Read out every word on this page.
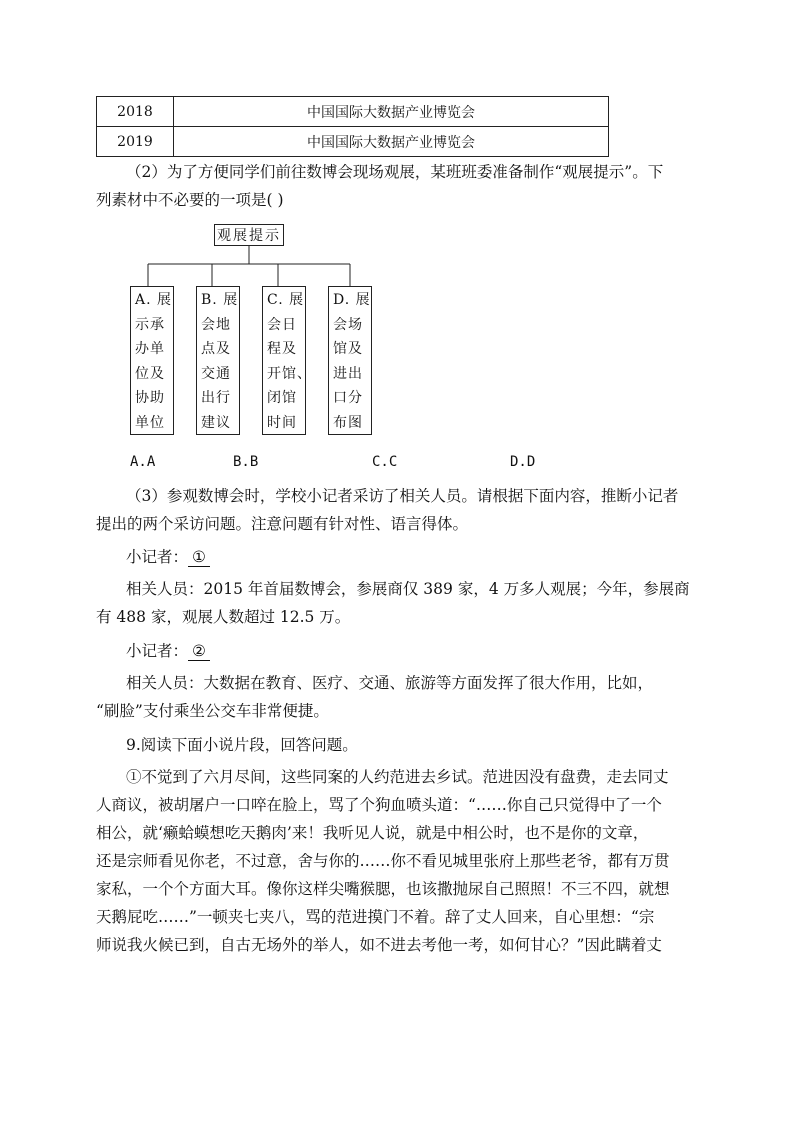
2018	中国国际大数据产业博览会
2019	中国国际大数据产业博览会
（2）为了方便同学们前往数博会现场观展，某班班委准备制作“观展提示”。下
列素材中不必要的一项是( )
观展提示
A. 展
示承
办单
位及
协助
单位
B. 展
会地
点及
交通
出行
建议
C. 展
会日
程及
开馆、
闭馆
时间
D. 展
会场
馆及
进出
口分
布图
A.A	B.B	C.C	D.D
（3）参观数博会时，学校小记者采访了相关人员。请根据下面内容，推断小记者
提出的两个采访问题。注意问题有针对性、语言得体。
小记者：①
相关人员：2015 年首届数博会，参展商仅 389 家，4 万多人观展；今年，参展商
有 488 家，观展人数超过 12.5 万。
小记者：②
相关人员：大数据在教育、医疗、交通、旅游等方面发挥了很大作用，比如，
“刷脸”支付乘坐公交车非常便捷。
9.阅读下面小说片段，回答问题。
①不觉到了六月尽间，这些同案的人约范进去乡试。范进因没有盘费，走去同丈
人商议，被胡屠户一口啐在脸上，骂了个狗血喷头道：“……你自己只觉得中了一个
相公，就‘癞蛤蟆想吃天鹅肉’来！我听见人说，就是中相公时，也不是你的文章，
还是宗师看见你老，不过意，舍与你的……你不看见城里张府上那些老爷，都有万贯
家私，一个个方面大耳。像你这样尖嘴猴腮，也该撒抛尿自己照照！不三不四，就想
天鹅屁吃……”一顿夹七夹八，骂的范进摸门不着。辞了丈人回来，自心里想：“宗
师说我火候已到，自古无场外的举人，如不进去考他一考，如何甘心？”因此瞒着丈
